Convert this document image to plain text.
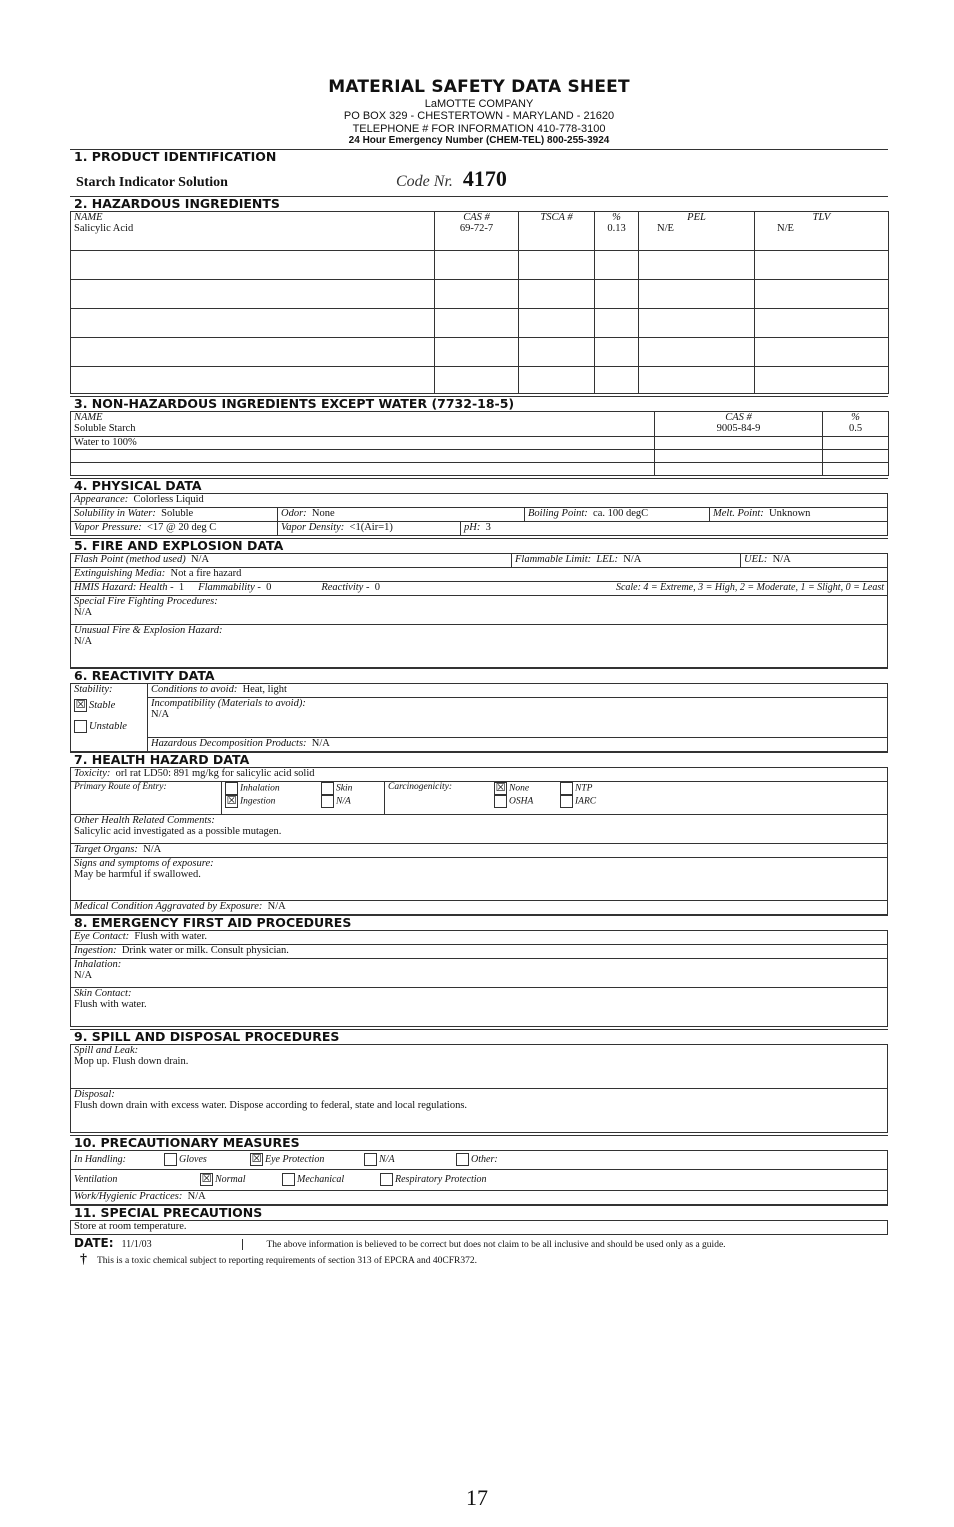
MATERIAL SAFETY DATA SHEET
LaMOTTE COMPANY
PO BOX 329 - CHESTERTOWN - MARYLAND - 21620
TELEPHONE # FOR INFORMATION 410-778-3100
24 Hour Emergency Number (CHEM-TEL) 800-255-3924
1. PRODUCT IDENTIFICATION
Starch Indicator Solution	Code Nr. 4170
2. HAZARDOUS INGREDIENTS
NAME	CAS #	TSCA #	%	PEL	TLV
Salicylic Acid	69-72-7		0.13	N/E	N/E

3. NON-HAZARDOUS INGREDIENTS EXCEPT WATER (7732-18-5)
NAME	CAS #	%
Soluble Starch	9005-84-9	0.5
Water to 100%		

4. PHYSICAL DATA
Appearance: Colorless Liquid
Solubility in Water: Soluble	Odor: None	Boiling Point: ca. 100 degC	Melt. Point: Unknown
Vapor Pressure: <17 @ 20 deg C	Vapor Density: <1(Air=1)	pH: 3
5. FIRE AND EXPLOSION DATA
Flash Point (method used) N/A	Flammable Limit: LEL: N/A	UEL: N/A
Extinguishing Media: Not a fire hazard
HMIS Hazard: Health - 1 Flammability - 0	Reactivity - 0	Scale: 4 = Extreme, 3 = High, 2 = Moderate, 1 = Slight, 0 = Least
Special Fire Fighting Procedures:
N/A
Unusual Fire & Explosion Hazard:
N/A
6. REACTIVITY DATA
Stability:
☒ Stable
Unstable
Conditions to avoid: Heat, light
Incompatibility (Materials to avoid):
N/A
Hazardous Decomposition Products: N/A
7. HEALTH HAZARD DATA
Toxicity: orl rat LD50: 891 mg/kg for salicylic acid solid
Primary Route of Entry:	Inhalation
☒ Ingestion
Skin
N/A
Carcinogenicity:	☒ None
OSHA
NTP
IARC
Other Health Related Comments:
Salicylic acid investigated as a possible mutagen.
Target Organs: N/A
Signs and symptoms of exposure:
May be harmful if swallowed.
Medical Condition Aggravated by Exposure: N/A
8. EMERGENCY FIRST AID PROCEDURES
Eye Contact: Flush with water.
Ingestion: Drink water or milk. Consult physician.
Inhalation:
N/A
Skin Contact:
Flush with water.
9. SPILL AND DISPOSAL PROCEDURES
Spill and Leak:
Mop up. Flush down drain.
Disposal:
Flush down drain with excess water. Dispose according to federal, state and local regulations.
10. PRECAUTIONARY MEASURES
In Handling:	Gloves	☒ Eye Protection	N/A	Other:
Ventilation	☒ Normal	Mechanical	Respiratory Protection
Work/Hygienic Practices: N/A
11. SPECIAL PRECAUTIONS
Store at room temperature.
DATE: 11/1/03	The above information is believed to be correct but does not claim to be all inclusive and should be used only as a guide.
†	This is a toxic chemical subject to reporting requirements of section 313 of EPCRA and 40CFR372.
17
